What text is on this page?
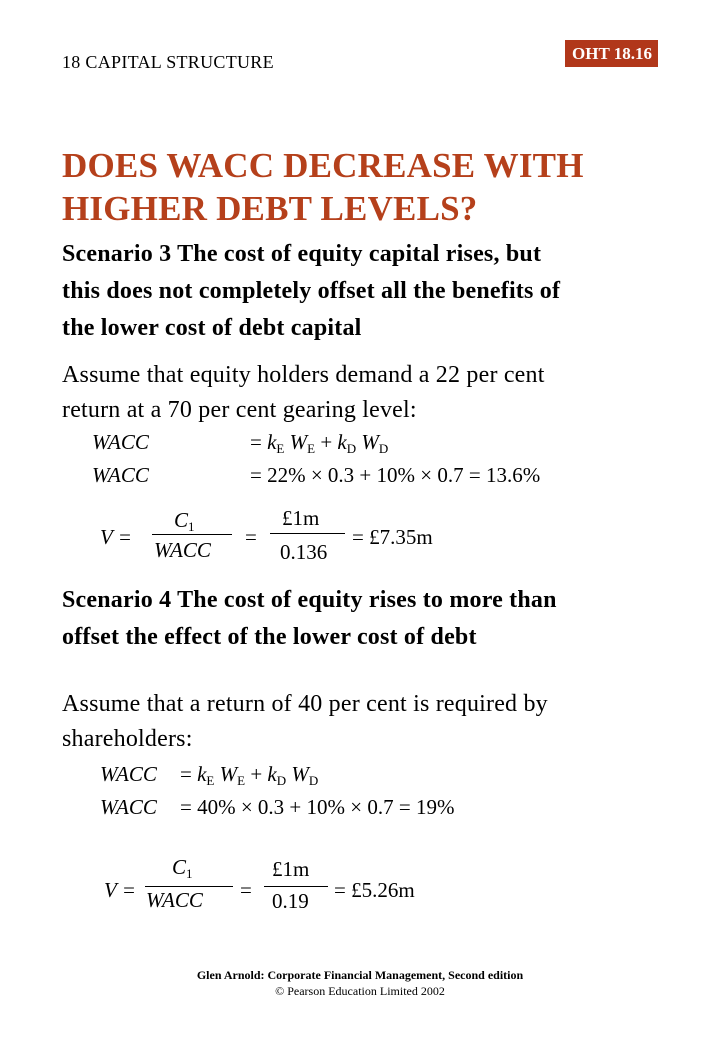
18 CAPITAL STRUCTURE	OHT 18.16
DOES WACC DECREASE WITH
HIGHER DEBT LEVELS?
Scenario 3 The cost of equity capital rises, but
this does not completely offset all the benefits of
the lower cost of debt capital
Assume that equity holders demand a 22 per cent
return at a 70 per cent gearing level:
WACC	= $k_E$ $W_E + k_D$ $W_D$
WACC	= 22% × 0.3 + 10% × 0.7 = 13.6%
V =
$C_1$
WACC
=
£1m
0.136
= £7.35m
Scenario 4 The cost of equity rises to more than
offset the effect of the lower cost of debt
Assume that a return of 40 per cent is required by
shareholders:
WACC = $k_E$ $W_E + k_D$ $W_D$
WACC = 40% × 0.3 + 10% × 0.7 = 19%
V =
$C_1$
WACC =
£1m
0.19 = £5.26m
Glen Arnold: Corporate Financial Management, Second edition
© Pearson Education Limited 2002
